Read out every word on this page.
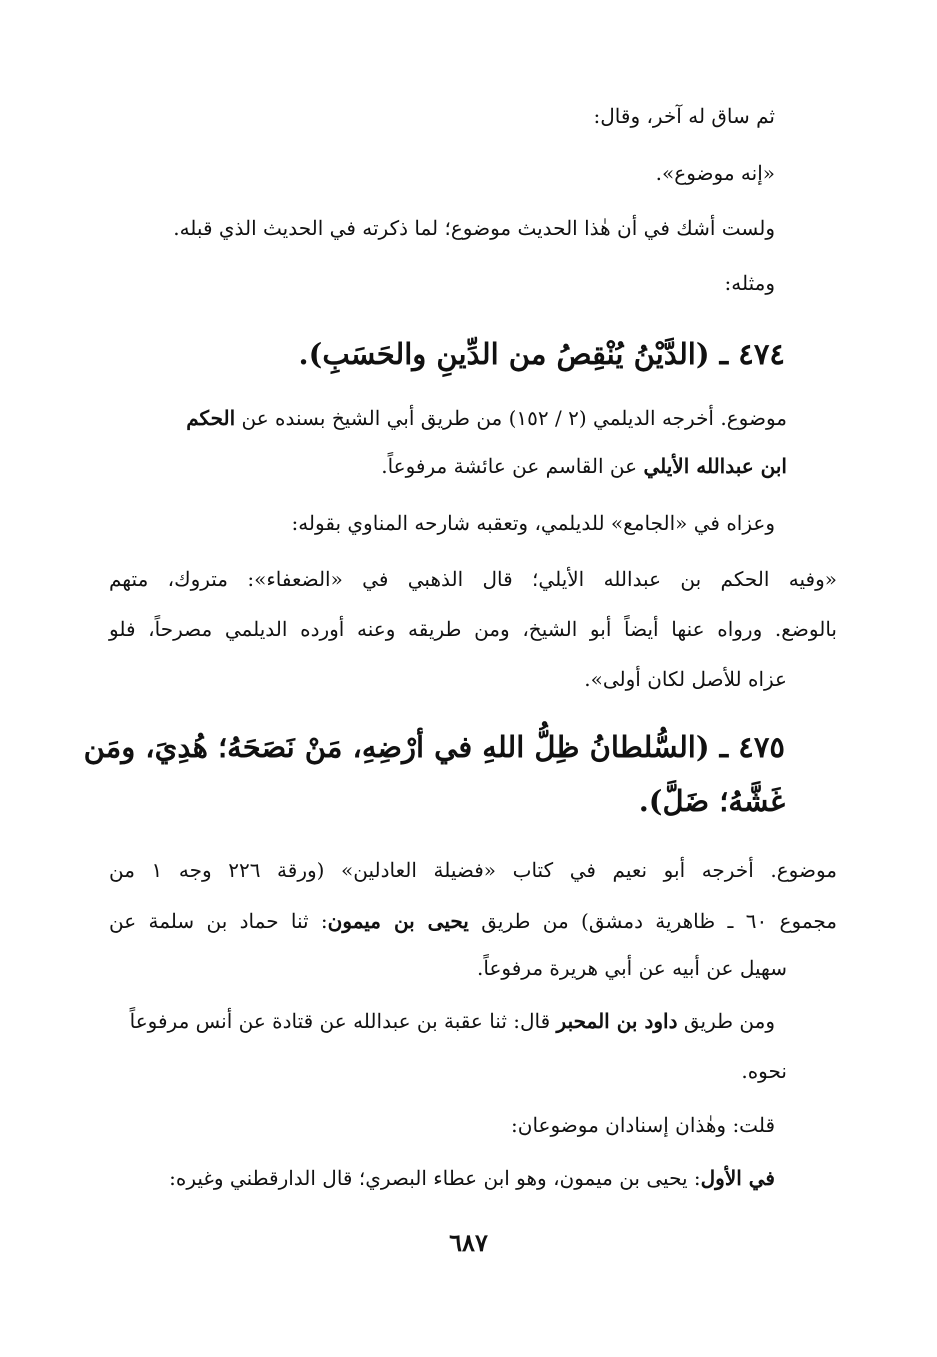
ثم ساق له آخر، وقال:
«إنه موضوع».
ولست أشك في أن هٰذا الحديث موضوع؛ لما ذكرته في الحديث الذي قبله.
ومثله:
٤٧٤ ـ (الدَّيْنُ يُنْقِصُ من الدِّينِ والحَسَبِ).
موضوع. أخرجه الديلمي (٢ / ١٥٢) من طريق أبي الشيخ بسنده عن الحكم
ابن عبدالله الأيلي عن القاسم عن عائشة مرفوعاً.
وعزاه في «الجامع» للديلمي، وتعقبه شارحه المناوي بقوله:
«وفيه الحكم بن عبدالله الأيلي؛ قال الذهبي في «الضعفاء»: متروك، متهم
بالوضع. ورواه عنها أيضاً أبو الشيخ، ومن طريقه وعنه أورده الديلمي مصرحاً، فلو
عزاه للأصل لكان أولى».
٤٧٥ ـ (السُّلطانُ ظِلُّ اللهِ في أرْضِهِ، مَنْ نَصَحَهُ؛ هُدِيَ، ومَن
غَشَّهُ؛ ضَلَّ).
موضوع. أخرجه أبو نعيم في كتاب «فضيلة العادلين» (ورقة ٢٢٦ وجه ١ من
مجموع ٦٠ ـ ظاهرية دمشق) من طريق يحيى بن ميمون: ثنا حماد بن سلمة عن
سهيل عن أبيه عن أبي هريرة مرفوعاً.
ومن طريق داود بن المحبر قال: ثنا عقبة بن عبدالله عن قتادة عن أنس مرفوعاً
نحوه.
قلت: وهٰذان إسنادان موضوعان:
في الأول: يحيى بن ميمون، وهو ابن عطاء البصري؛ قال الدارقطني وغيره:
٦٨٧
